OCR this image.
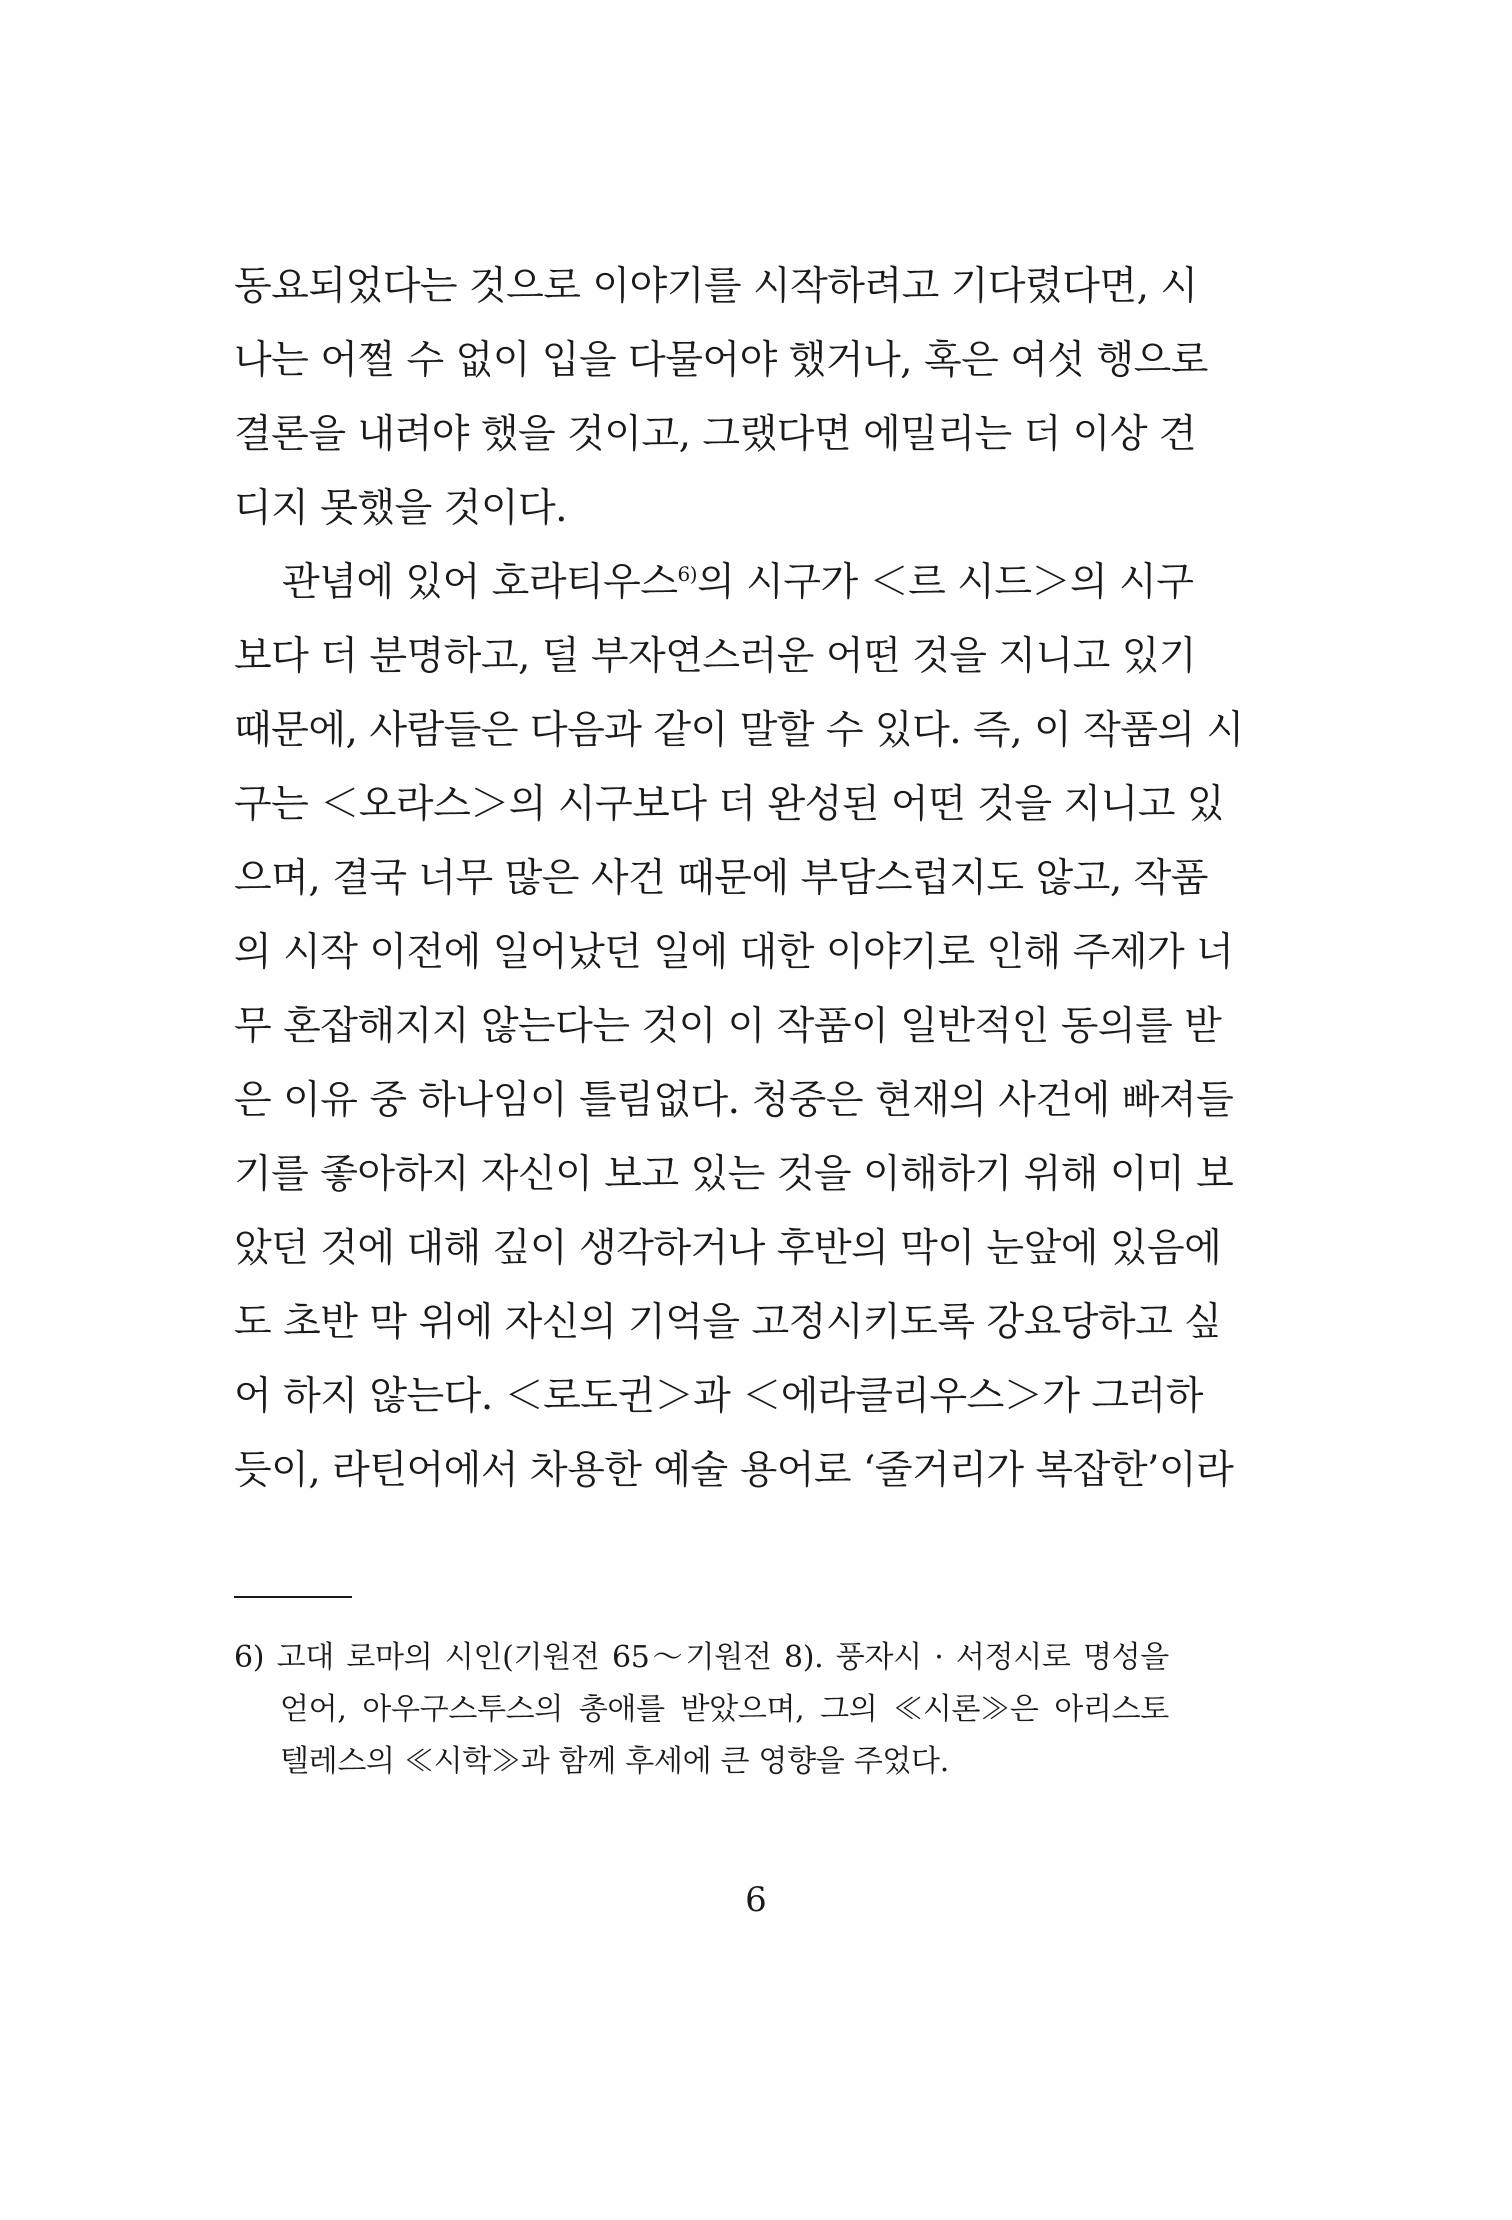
동요되었다는 것으로 이야기를 시작하려고 기다렸다면, 시
나는 어쩔 수 없이 입을 다물어야 했거나, 혹은 여섯 행으로
결론을 내려야 했을 것이고, 그랬다면 에밀리는 더 이상 견
디지 못했을 것이다.
관념에 있어 호라티우스$^{6)}$의 시구가 ＜르 시드＞의 시구
보다 더 분명하고, 덜 부자연스러운 어떤 것을 지니고 있기
때문에, 사람들은 다음과 같이 말할 수 있다. 즉, 이 작품의 시
구는 ＜오라스＞의 시구보다 더 완성된 어떤 것을 지니고 있
으며, 결국 너무 많은 사건 때문에 부담스럽지도 않고, 작품
의 시작 이전에 일어났던 일에 대한 이야기로 인해 주제가 너
무 혼잡해지지 않는다는 것이 이 작품이 일반적인 동의를 받
은 이유 중 하나임이 틀림없다. 청중은 현재의 사건에 빠져들
기를 좋아하지 자신이 보고 있는 것을 이해하기 위해 이미 보
았던 것에 대해 깊이 생각하거나 후반의 막이 눈앞에 있음에
도 초반 막 위에 자신의 기억을 고정시키도록 강요당하고 싶
어 하지 않는다. ＜로도귄＞과 ＜에라클리우스＞가 그러하
듯이, 라틴어에서 차용한 예술 용어로 ‘줄거리가 복잡한’이라
6) 고대 로마의 시인(기원전 65～기원전 8). 풍자시 · 서정시로 명성을
얻어, 아우구스투스의 총애를 받았으며, 그의 ≪시론≫은 아리스토
텔레스의 ≪시학≫과 함께 후세에 큰 영향을 주었다.
6
